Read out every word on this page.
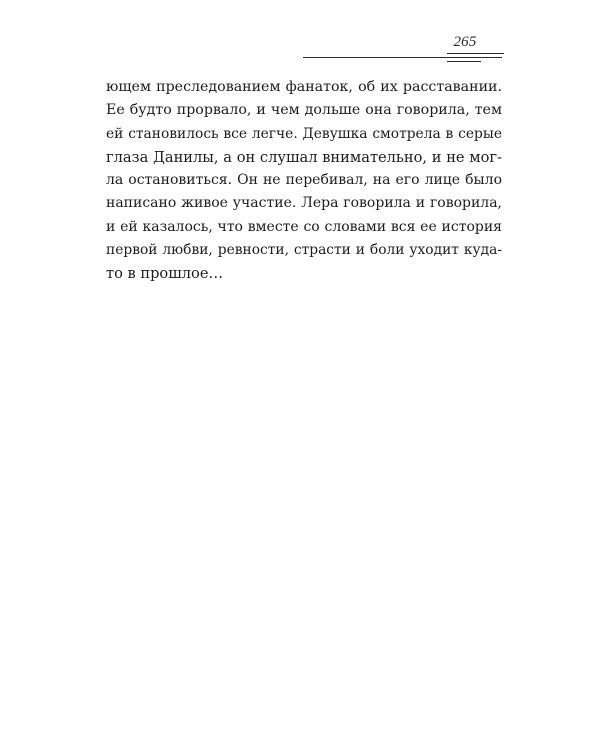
265
ющем преследованием фанаток, об их расставании.
Ее будто прорвало, и чем дольше она говорила, тем
ей становилось все легче. Девушка смотрела в серые
глаза Данилы, а он слушал внимательно, и не мог-
ла остановиться. Он не перебивал, на его лице было
написано живое участие. Лера говорила и говорила,
и ей казалось, что вместе со словами вся ее история
первой любви, ревности, страсти и боли уходит куда-
то в прошлое…
